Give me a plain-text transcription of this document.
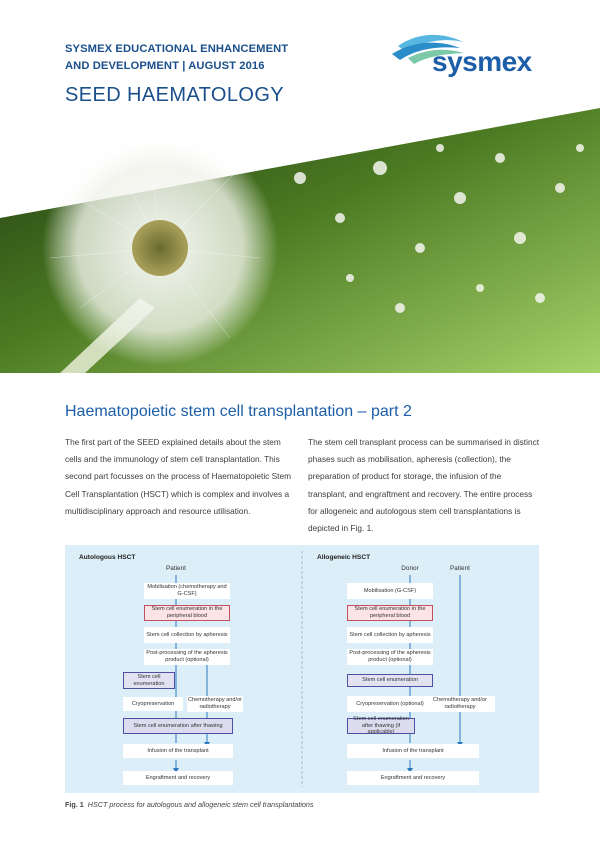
SYSMEX EDUCATIONAL ENHANCEMENT
AND DEVELOPMENT | AUGUST 2016
SEED HAEMATOLOGY
sysmex
Haematopoietic stem cell transplantation – part 2
The first part of the SEED explained details about the stem cells and the immunology of stem cell transplantation. This second part focusses on the process of Haematopoietic Stem Cell Transplantation (HSCT) which is complex and involves a multidisciplinary approach and resource utilisation.
The stem cell transplant process can be summarised in distinct phases such as mobilisation, apheresis (collection), the preparation of product for storage, the infusion of the transplant, and engraftment and recovery. The entire process for allogeneic and autologous stem cell transplantations is depicted in Fig. 1.
Autologous HSCT
Patient
Mobilisation (chemotherapy and G-CSF)
Stem cell enumeration in the peripheral blood
Stem cell collection by apheresis
Post-processing of the apheresis product (optional)
Stem cell enumeration
Cryopreservation
Chemotherapy and/or radiotherapy
Stem cell enumeration after thawing
Infusion of the transplant
Engraftment and recovery
Allogeneic HSCT
Donor	Patient
Mobilisation (G-CSF)
Stem cell enumeration in the peripheral blood
Stem cell collection by apheresis
Post-processing of the apheresis product (optional)
Stem cell enumeration
Cryopreservation (optional)
Chemotherapy and/or radiotherapy
Stem cell enumeration after thawing (if applicable)
Infusion of the transplant
Engraftment and recovery
Fig. 1 HSCT process for autologous and allogeneic stem cell transplantations
